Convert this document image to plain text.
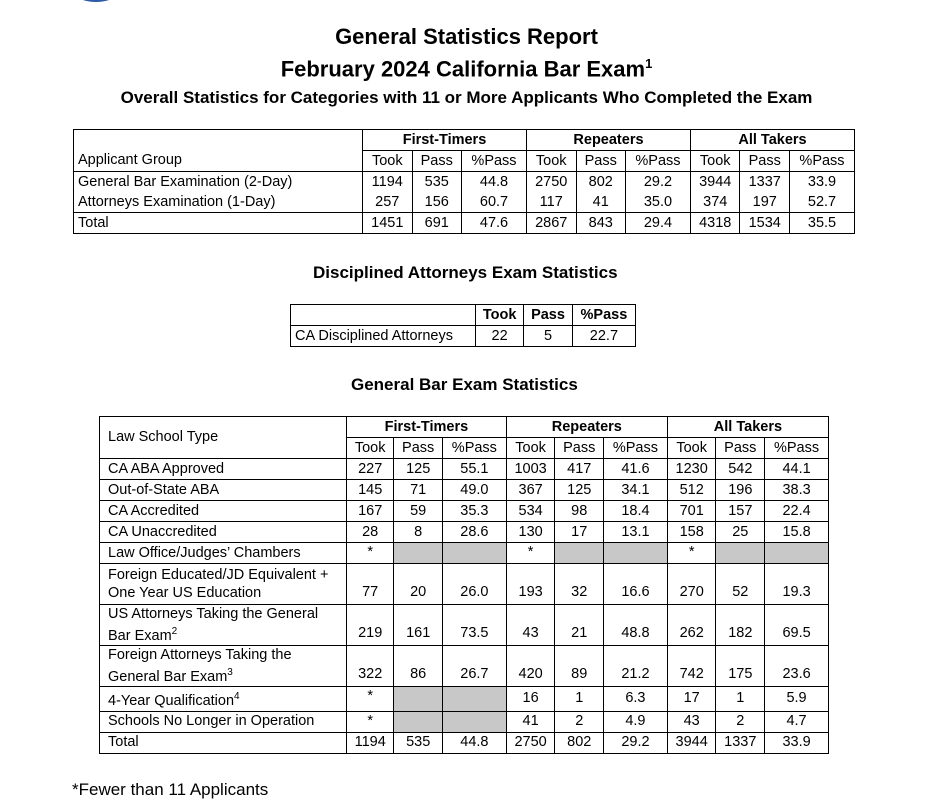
General Statistics Report
February 2024 California Bar Exam$^1$
Overall Statistics for Categories with 11 or More Applicants Who Completed the Exam
	First-Timers			Repeaters			All Takers		
Applicant Group	Took	Pass	%Pass	Took	Pass	%Pass	Took	Pass	%Pass
General Bar Examination (2-Day)	1194	535	44.8	2750	802	29.2	3944	1337	33.9
Attorneys Examination (1-Day)	257	156	60.7	117	41	35.0	374	197	52.7
Total	1451	691	47.6	2867	843	29.4	4318	1534	35.5
Disciplined Attorneys Exam Statistics
	Took	Pass	%Pass
CA Disciplined Attorneys	22	5	22.7
General Bar Exam Statistics
Law School Type	First-Timers			Repeaters			All Takers		
	Took	Pass	%Pass	Took	Pass	%Pass	Took	Pass	%Pass
CA ABA Approved	227	125	55.1	1003	417	41.6	1230	542	44.1
Out-of-State ABA	145	71	49.0	367	125	34.1	512	196	38.3
CA Accredited	167	59	35.3	534	98	18.4	701	157	22.4
CA Unaccredited	28	8	28.6	130	17	13.1	158	25	15.8
Law Office/Judges’ Chambers	*			*			*		
Foreign Educated/JD Equivalent + One Year US Education	77	20	26.0	193	32	16.6	270	52	19.3
US Attorneys Taking the General Bar Exam$^2$	219	161	73.5	43	21	48.8	262	182	69.5
Foreign Attorneys Taking the General Bar Exam$^3$	322	86	26.7	420	89	21.2	742	175	23.6
4-Year Qualification$^4$	*			16	1	6.3	17	1	5.9
Schools No Longer in Operation	*			41	2	4.9	43	2	4.7
Total	1194	535	44.8	2750	802	29.2	3944	1337	33.9
*Fewer than 11 Applicants
